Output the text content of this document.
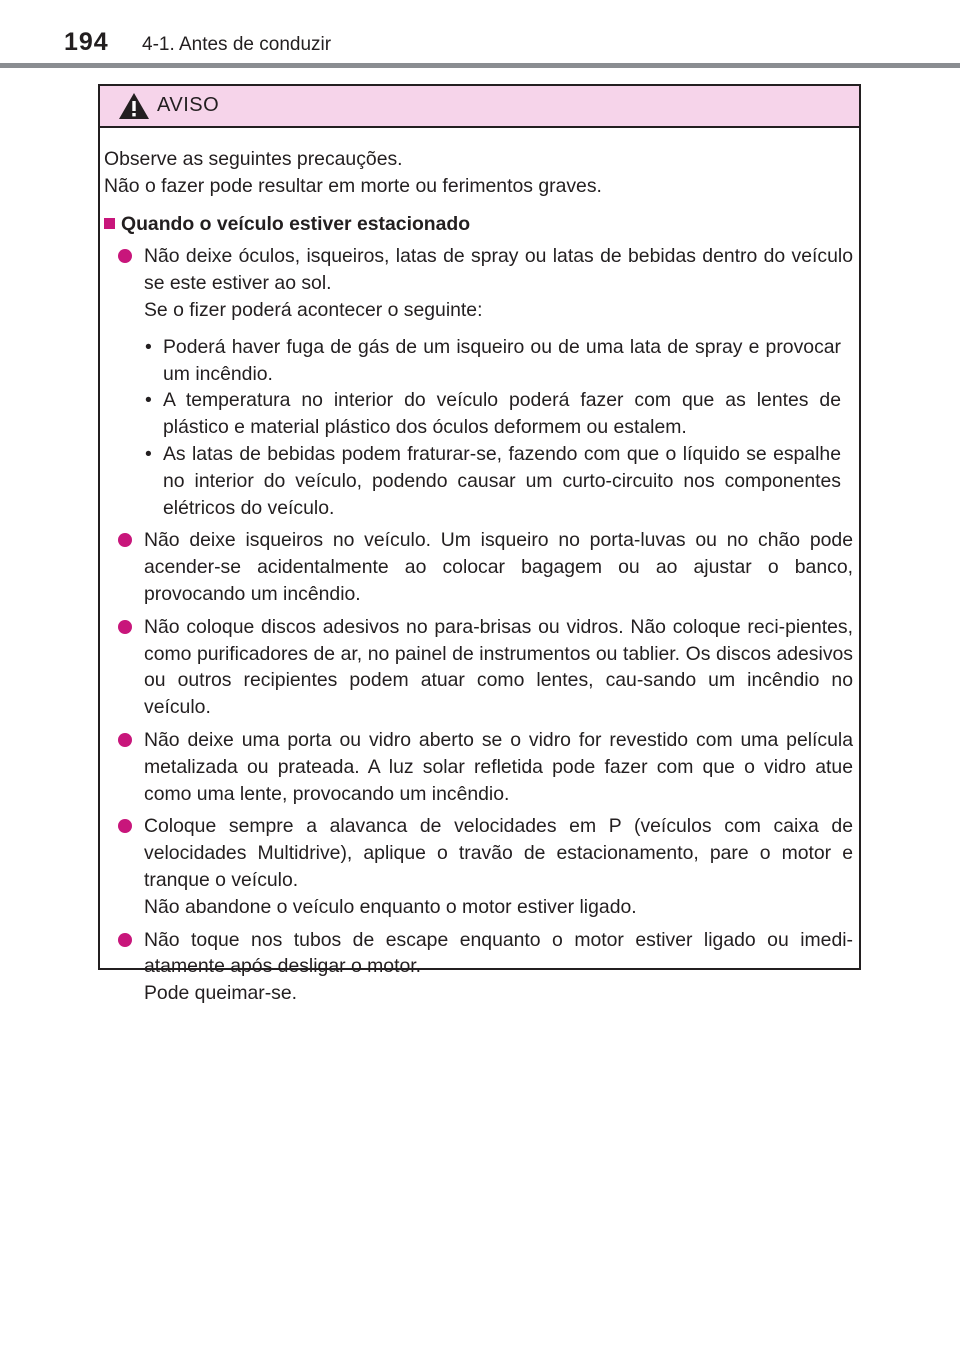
194 4-1. Antes de conduzir
AVISO
Observe as seguintes precauções.
Não o fazer pode resultar em morte ou ferimentos graves.
Quando o veículo estiver estacionado

Não deixe óculos, isqueiros, latas de spray ou latas de bebidas dentro do veículo se este estiver ao sol.

Se o fizer poderá acontecer o seguinte:

• Poderá haver fuga de gás de um isqueiro ou de uma lata de spray e provocar um incêndio.
• A temperatura no interior do veículo poderá fazer com que as lentes de plástico e material plástico dos óculos deformem ou estalem.
• As latas de bebidas podem fraturar-se, fazendo com que o líquido se espalhe no interior do veículo, podendo causar um curto-circuito nos componentes elétricos do veículo.

Não deixe isqueiros no veículo. Um isqueiro no porta-luvas ou no chão pode acender-se acidentalmente ao colocar bagagem ou ao ajustar o banco, provocando um incêndio.

Não coloque discos adesivos no para-brisas ou vidros. Não coloque reci-pientes, como purificadores de ar, no painel de instrumentos ou tablier. Os discos adesivos ou outros recipientes podem atuar como lentes, cau-sando um incêndio no veículo.

Não deixe uma porta ou vidro aberto se o vidro for revestido com uma película metalizada ou prateada. A luz solar refletida pode fazer com que o vidro atue como uma lente, provocando um incêndio.

Coloque sempre a alavanca de velocidades em P (veículos com caixa de velocidades Multidrive), aplique o travão de estacionamento, pare o motor e tranque o veículo.

Não abandone o veículo enquanto o motor estiver ligado.

Não toque nos tubos de escape enquanto o motor estiver ligado ou imedi-atamente após desligar o motor.

Pode queimar-se.
